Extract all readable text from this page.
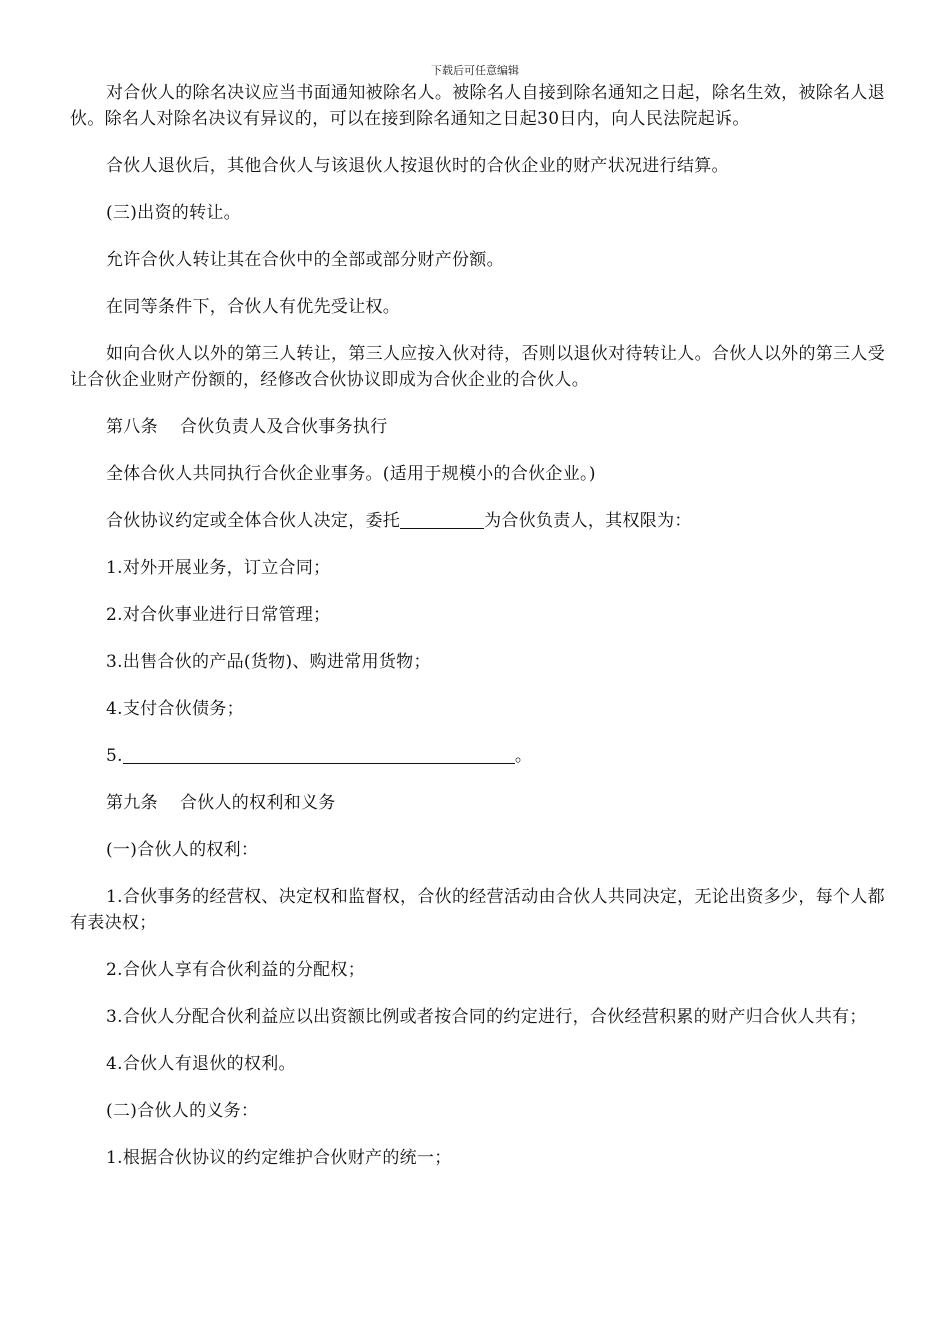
下载后可任意编辑

对合伙人的除名决议应当书面通知被除名人。被除名人自接到除名通知之日起，除名生效，被除名人退伙。除名人对除名决议有异议的，可以在接到除名通知之日起30日内，向人民法院起诉。

合伙人退伙后，其他合伙人与该退伙人按退伙时的合伙企业的财产状况进行结算。

(三)出资的转让。

允许合伙人转让其在合伙中的全部或部分财产份额。

在同等条件下，合伙人有优先受让权。

如向合伙人以外的第三人转让，第三人应按入伙对待，否则以退伙对待转让人。合伙人以外的第三人受让合伙企业财产份额的，经修改合伙协议即成为合伙企业的合伙人。

第八条 合伙负责人及合伙事务执行

全体合伙人共同执行合伙企业事务。(适用于规模小的合伙企业。)

合伙协议约定或全体合伙人决定，委托	为合伙负责人，其权限为：

1.对外开展业务，订立合同；

2.对合伙事业进行日常管理；

3.出售合伙的产品(货物)、购进常用货物；

4.支付合伙债务；

5.	。

第九条 合伙人的权利和义务

(一)合伙人的权利：

1.合伙事务的经营权、决定权和监督权，合伙的经营活动由合伙人共同决定，无论出资多少，每个人都有表决权；

2.合伙人享有合伙利益的分配权；

3.合伙人分配合伙利益应以出资额比例或者按合同的约定进行，合伙经营积累的财产归合伙人共有；

4.合伙人有退伙的权利。

(二)合伙人的义务：

1.根据合伙协议的约定维护合伙财产的统一；
